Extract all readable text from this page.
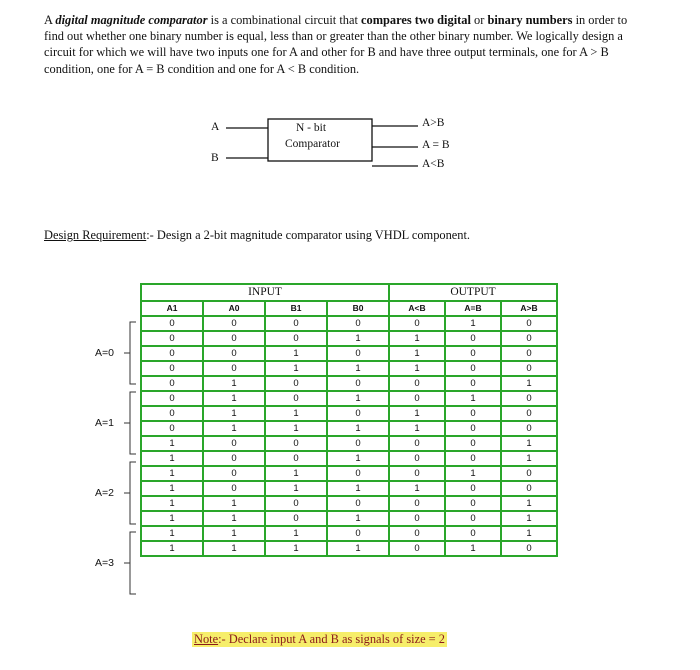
A digital magnitude comparator is a combinational circuit that compares two digital or binary numbers in order to find out whether one binary number is equal, less than or greater than the other binary number. We logically design a circuit for which we will have two inputs one for A and other for B and have three output terminals, one for A > B condition, one for A = B condition and one for A < B condition.
A
B
N - bit
Comparator
A>B
A = B
A<B
Design Requirement:- Design a 2-bit magnitude comparator using VHDL component.
INPUT				OUTPUT		
A1	A0	B1	B0	A<B	A=B	A>B
0	0	0	0	0	1	0
0	0	0	1	1	0	0
0	0	1	0	1	0	0
0	0	1	1	1	0	0
0	1	0	0	0	0	1
0	1	0	1	0	1	0
0	1	1	0	1	0	0
0	1	1	1	1	0	0
1	0	0	0	0	0	1
1	0	0	1	0	0	1
1	0	1	0	0	1	0
1	0	1	1	1	0	0
1	1	0	0	0	0	1
1	1	0	1	0	0	1
1	1	1	0	0	0	1
1	1	1	1	0	1	0
A=0
A=1
A=2
A=3
Note:- Declare input A and B as signals of size = 2
